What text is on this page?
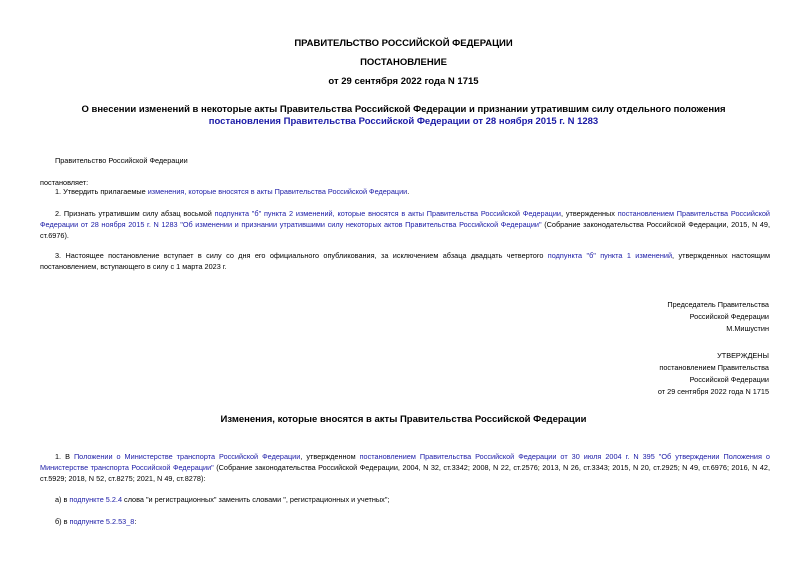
ПРАВИТЕЛЬСТВО РОССИЙСКОЙ ФЕДЕРАЦИИ
ПОСТАНОВЛЕНИЕ
от 29 сентября 2022 года N 1715
О внесении изменений в некоторые акты Правительства Российской Федерации и признании утратившим силу отдельного положения постановления Правительства Российской Федерации от 28 ноября 2015 г. N 1283
Правительство Российской Федерации
постановляет:
1. Утвердить прилагаемые изменения, которые вносятся в акты Правительства Российской Федерации.
2. Признать утратившим силу абзац восьмой подпункта "б" пункта 2 изменений, которые вносятся в акты Правительства Российской Федерации, утвержденных постановлением Правительства Российской Федерации от 28 ноября 2015 г. N 1283 "Об изменении и признании утратившими силу некоторых актов Правительства Российской Федерации" (Собрание законодательства Российской Федерации, 2015, N 49, ст.6976).
3. Настоящее постановление вступает в силу со дня его официального опубликования, за исключением абзаца двадцать четвертого подпункта "б" пункта 1 изменений, утвержденных настоящим постановлением, вступающего в силу с 1 марта 2023 г.
Председатель Правительства
Российской Федерации
М.Мишустин
УТВЕРЖДЕНЫ
постановлением Правительства
Российской Федерации
от 29 сентября 2022 года N 1715
Изменения, которые вносятся в акты Правительства Российской Федерации
1. В Положении о Министерстве транспорта Российской Федерации, утвержденном постановлением Правительства Российской Федерации от 30 июля 2004 г. N 395 "Об утверждении Положения о Министерстве транспорта Российской Федерации" (Собрание законодательства Российской Федерации, 2004, N 32, ст.3342; 2008, N 22, ст.2576; 2013, N 26, ст.3343; 2015, N 20, ст.2925; N 49, ст.6976; 2016, N 42, ст.5929; 2018, N 52, ст.8275; 2021, N 49, ст.8278):
а) в подпункте 5.2.4 слова "и регистрационных" заменить словами ", регистрационных и учетных";
б) в подпункте 5.2.53_8:
